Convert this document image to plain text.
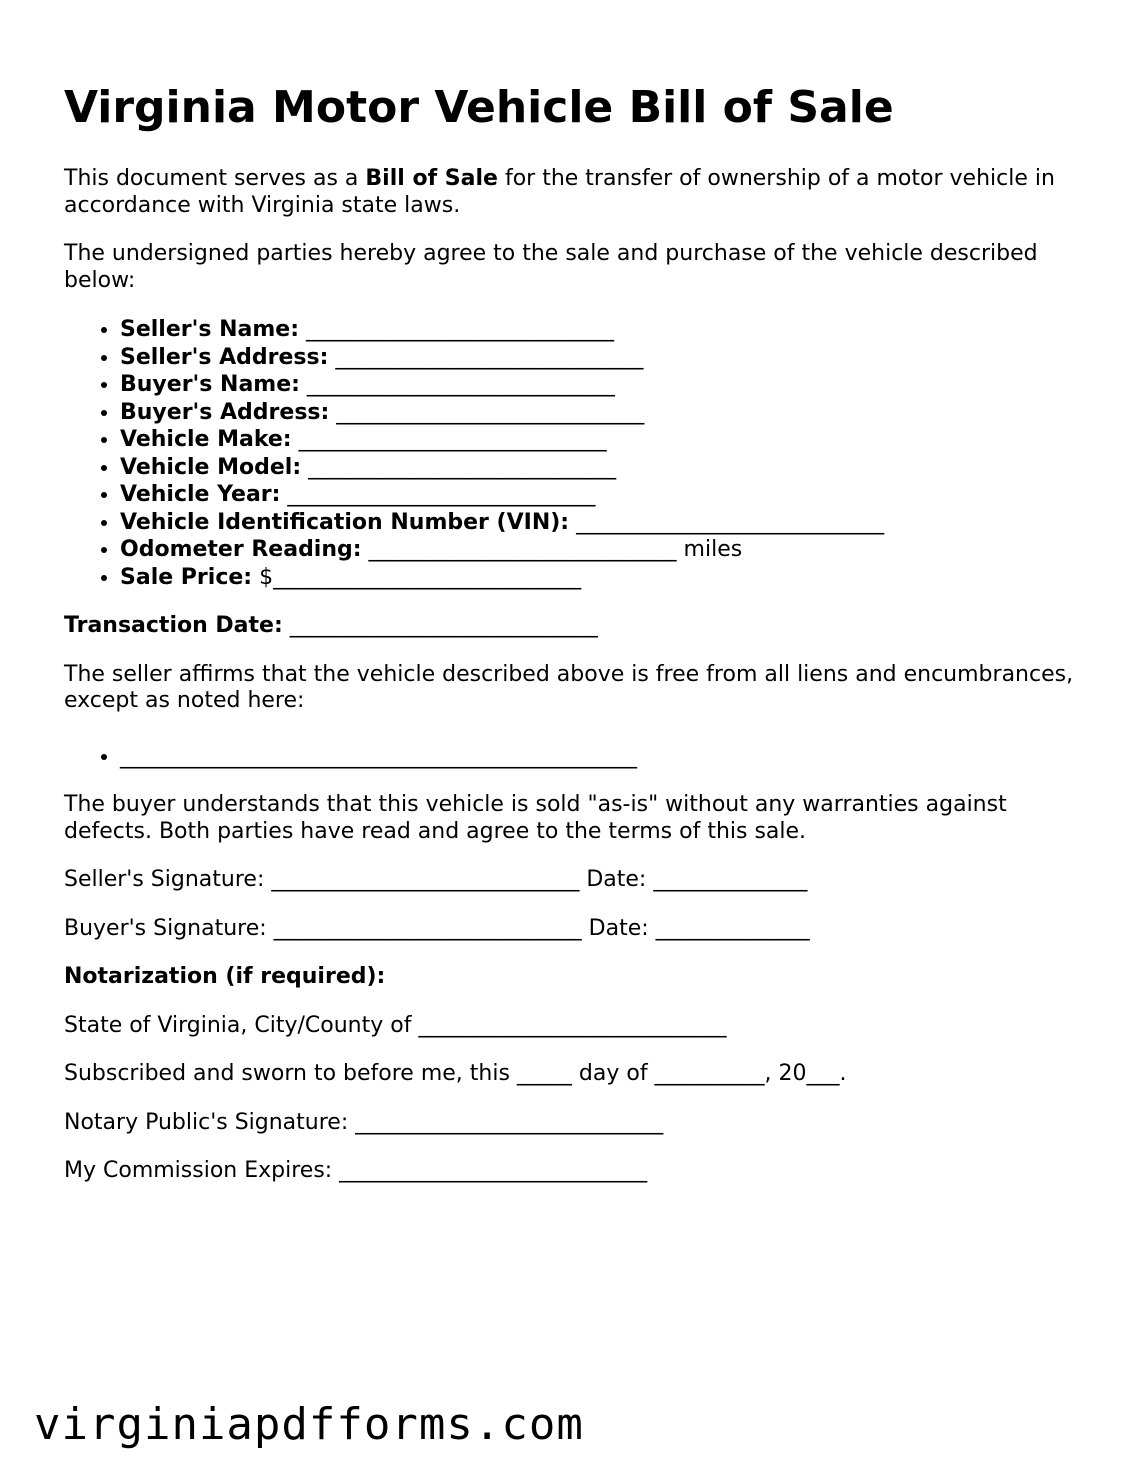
Virginia Motor Vehicle Bill of Sale

This document serves as a Bill of Sale for the transfer of ownership of a motor vehicle in accordance with Virginia state laws.

The undersigned parties hereby agree to the sale and purchase of the vehicle described below:

• Seller's Name: ____________________________
• Seller's Address: ____________________________
• Buyer's Name: ____________________________
• Buyer's Address: ____________________________
• Vehicle Make: ____________________________
• Vehicle Model: ____________________________
• Vehicle Year: ____________________________
• Vehicle Identification Number (VIN): ____________________________
• Odometer Reading: ____________________________ miles
• Sale Price: $____________________________

Transaction Date: ____________________________

The seller affirms that the vehicle described above is free from all liens and encumbrances, except as noted here:

• _______________________________________________

The buyer understands that this vehicle is sold "as-is" without any warranties against defects. Both parties have read and agree to the terms of this sale.

Seller's Signature: ____________________________ Date: ______________

Buyer's Signature: ____________________________ Date: ______________

Notarization (if required):

State of Virginia, City/County of ____________________________

Subscribed and sworn to before me, this _____ day of __________, 20___.

Notary Public's Signature: ____________________________

My Commission Expires: ____________________________

virginiapdfforms.com
